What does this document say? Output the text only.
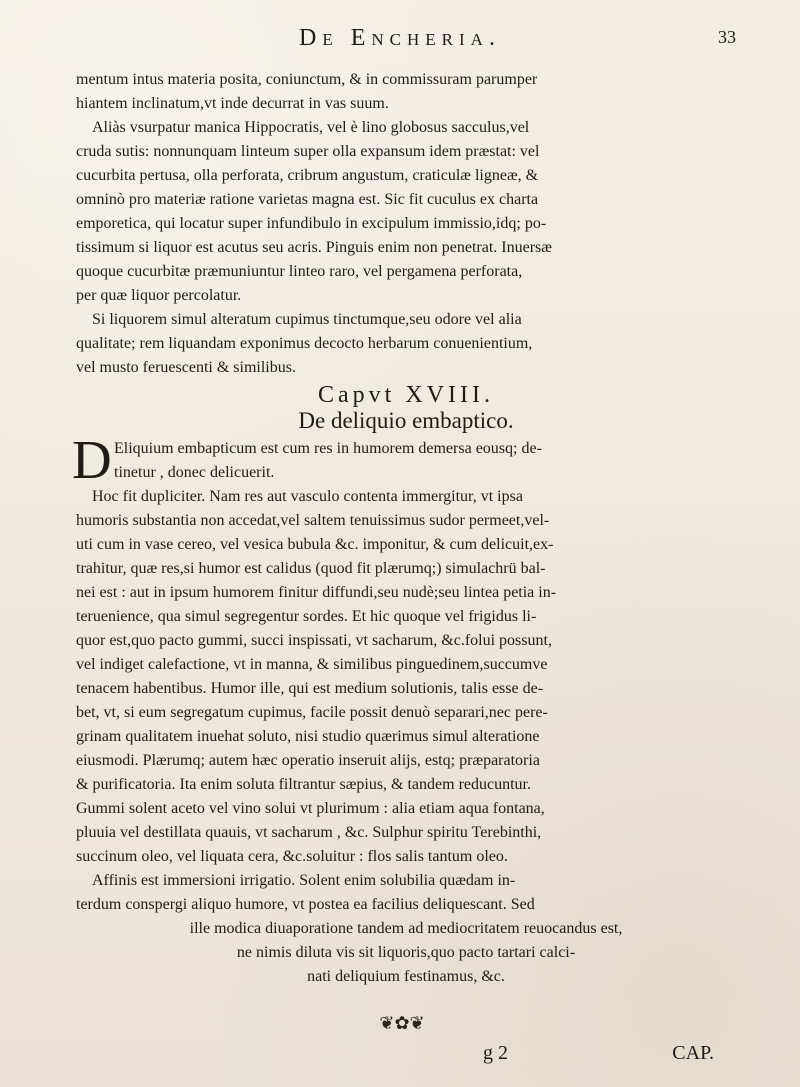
De Encheria.	33
mentum intus materia posita, coniunctum, & in commissuram parumper
hiantem inclinatum,vt inde decurrat in vas suum.
Aliàs vsurpatur manica Hippocratis, vel è lino globosus sacculus,vel
cruda sutis: nonnunquam linteum super olla expansum idem præstat: vel
cucurbita pertusa, olla perforata, cribrum angustum, craticulæ ligneæ, &
omninò pro materiæ ratione varietas magna est. Sic fit cuculus ex charta
emporetica, qui locatur super infundibulo in excipulum immissio,idq; po-
tissimum si liquor est acutus seu acris. Pinguis enim non penetrat. Inuersæ
quoque cucurbitæ præmuniuntur linteo raro, vel pergamena perforata,
per quæ liquor percolatur.
Si liquorem simul alteratum cupimus tinctumque,seu odore vel alia
qualitate; rem liquandam exponimus decocto herbarum conuenientium,
vel musto feruescenti & similibus.
Capvt XVIII.
De deliquio embaptico.
D Eliquium embapticum est cum res in humorem demersa eousq; de-
tinetur , donec delicuerit.
Hoc fit dupliciter. Nam res aut vasculo contenta immergitur, vt ipsa
humoris substantia non accedat,vel saltem tenuissimus sudor permeet,vel-
uti cum in vase cereo, vel vesica bubula &c. imponitur, & cum delicuit,ex-
trahitur, quæ res,si humor est calidus (quod fit plærumq;) simulachrü bal-
nei est : aut in ipsum humorem finitur diffundi,seu nudè;seu lintea petia in-
teruenience, qua simul segregentur sordes. Et hic quoque vel frigidus li-
quor est,quo pacto gummi, succi inspissati, vt sacharum, &c.folui possunt,
vel indiget calefactione, vt in manna, & similibus pinguedinem,succumve
tenacem habentibus. Humor ille, qui est medium solutionis, talis esse de-
bet, vt, si eum segregatum cupimus, facile possit denuò separari,nec pere-
grinam qualitatem inuehat soluto, nisi studio quærimus simul alteratione
eiusmodi. Plærumq; autem hæc operatio inseruit alijs, estq; præparatoria
& purificatoria. Ita enim soluta filtrantur sæpius, & tandem reducuntur.
Gummi solent aceto vel vino solui vt plurimum : alia etiam aqua fontana,
pluuia vel destillata quauis, vt sacharum , &c. Sulphur spiritu Terebinthi,
succinum oleo, vel liquata cera, &c.soluitur : flos salis tantum oleo.
Affinis est immersioni irrigatio. Solent enim solubilia quædam in-
terdum conspergi aliquo humore, vt postea ea facilius deliquescant. Sed
ille modica diuaporatione tandem ad mediocritatem reuocandus est,
ne nimis diluta vis sit liquoris,quo pacto tartari calci-
nati deliquium festinamus, &c.
❦✿❦
g 2	CAP.
